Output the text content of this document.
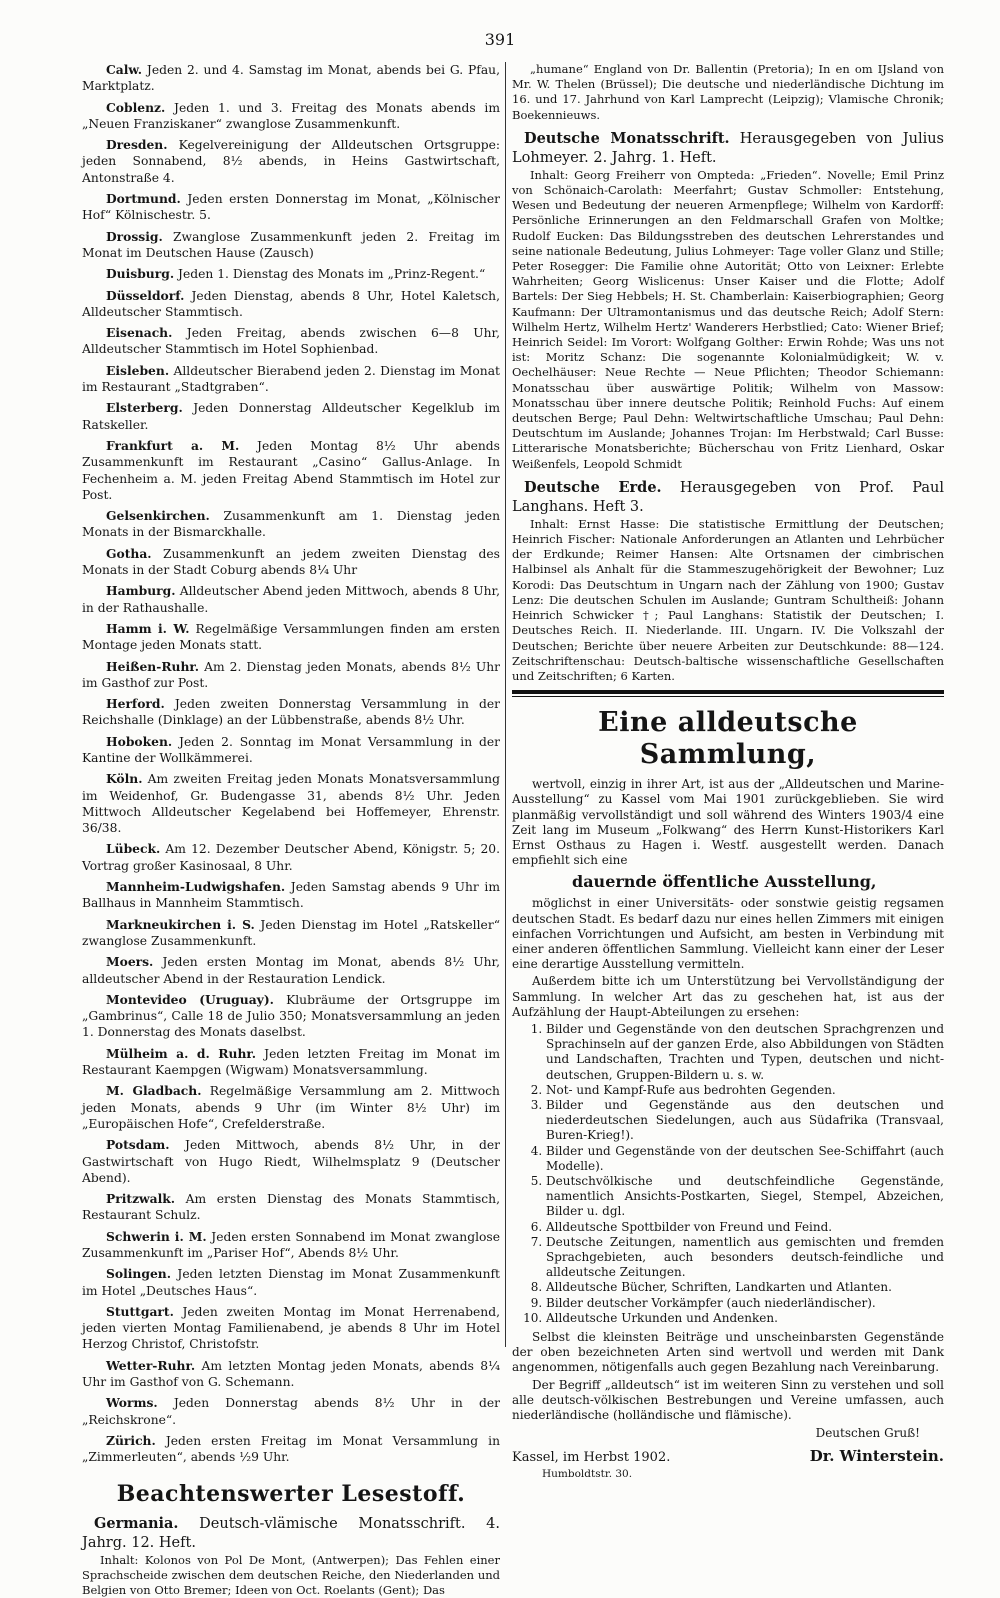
391

Calw. Jeden 2. und 4. Samstag im Monat, abends bei G. Pfau, Marktplatz.

Coblenz. Jeden 1. und 3. Freitag des Monats abends im „Neuen Franziskaner“ zwanglose Zusammenkunft.

Dresden. Kegelvereinigung der Alldeutschen Ortsgruppe: jeden Sonnabend, 8½ abends, in Heins Gastwirtschaft, Antonstraße 4.

Dortmund. Jeden ersten Donnerstag im Monat, „Kölnischer Hof“ Kölnischestr. 5.

Drossig. Zwanglose Zusammenkunft jeden 2. Freitag im Monat im Deutschen Hause (Zausch)

Duisburg. Jeden 1. Dienstag des Monats im „Prinz-Regent.“

Düsseldorf. Jeden Dienstag, abends 8 Uhr, Hotel Kaletsch, Alldeutscher Stammtisch.

Eisenach. Jeden Freitag, abends zwischen 6—8 Uhr, Alldeutscher Stammtisch im Hotel Sophienbad.

Eisleben. Alldeutscher Bierabend jeden 2. Dienstag im Monat im Restaurant „Stadtgraben“.

Elsterberg. Jeden Donnerstag Alldeutscher Kegelklub im Ratskeller.

Frankfurt a. M. Jeden Montag 8½ Uhr abends Zusammenkunft im Restaurant „Casino“ Gallus-Anlage. In Fechenheim a. M. jeden Freitag Abend Stammtisch im Hotel zur Post.

Gelsenkirchen. Zusammenkunft am 1. Dienstag jeden Monats in der Bismarckhalle.

Gotha. Zusammenkunft an jedem zweiten Dienstag des Monats in der Stadt Coburg abends 8¼ Uhr

Hamburg. Alldeutscher Abend jeden Mittwoch, abends 8 Uhr, in der Rathaushalle.

Hamm i. W. Regelmäßige Versammlungen finden am ersten Montage jeden Monats statt.

Heißen-Ruhr. Am 2. Dienstag jeden Monats, abends 8½ Uhr im Gasthof zur Post.

Herford. Jeden zweiten Donnerstag Versammlung in der Reichshalle (Dinklage) an der Lübbenstraße, abends 8½ Uhr.

Hoboken. Jeden 2. Sonntag im Monat Versammlung in der Kantine der Wollkämmerei.

Köln. Am zweiten Freitag jeden Monats Monatsversammlung im Weidenhof, Gr. Budengasse 31, abends 8½ Uhr. Jeden Mittwoch Alldeutscher Kegelabend bei Hoffemeyer, Ehrenstr. 36/38.

Lübeck. Am 12. Dezember Deutscher Abend, Königstr. 5; 20. Vortrag großer Kasinosaal, 8 Uhr.

Mannheim-Ludwigshafen. Jeden Samstag abends 9 Uhr im Ballhaus in Mannheim Stammtisch.

Markneukirchen i. S. Jeden Dienstag im Hotel „Ratskeller“ zwanglose Zusammenkunft.

Moers. Jeden ersten Montag im Monat, abends 8½ Uhr, alldeutscher Abend in der Restauration Lendick.

Montevideo (Uruguay). Klubräume der Ortsgruppe im „Gambrinus“, Calle 18 de Julio 350; Monatsversammlung an jeden 1. Donnerstag des Monats daselbst.

Mülheim a. d. Ruhr. Jeden letzten Freitag im Monat im Restaurant Kaempgen (Wigwam) Monatsversammlung.

M. Gladbach. Regelmäßige Versammlung am 2. Mittwoch jeden Monats, abends 9 Uhr (im Winter 8½ Uhr) im „Europäischen Hofe“, Crefelderstraße.

Potsdam. Jeden Mittwoch, abends 8½ Uhr, in der Gastwirtschaft von Hugo Riedt, Wilhelmsplatz 9 (Deutscher Abend).

Pritzwalk. Am ersten Dienstag des Monats Stammtisch, Restaurant Schulz.

Schwerin i. M. Jeden ersten Sonnabend im Monat zwanglose Zusammenkunft im „Pariser Hof“, Abends 8½ Uhr.

Solingen. Jeden letzten Dienstag im Monat Zusammenkunft im Hotel „Deutsches Haus“.

Stuttgart. Jeden zweiten Montag im Monat Herrenabend, jeden vierten Montag Familienabend, je abends 8 Uhr im Hotel Herzog Christof, Christofstr.

Wetter-Ruhr. Am letzten Montag jeden Monats, abends 8¼ Uhr im Gasthof von G. Schemann.

Worms. Jeden Donnerstag abends 8½ Uhr in der „Reichskrone“.

Zürich. Jeden ersten Freitag im Monat Versammlung in „Zimmerleuten“, abends ½9 Uhr.

Beachtenswerter Lesestoff.

Germania. Deutsch-vlämische Monatsschrift. 4. Jahrg. 12. Heft.

Inhalt: Kolonos von Pol De Mont, (Antwerpen); Das Fehlen einer Sprachscheide zwischen dem deutschen Reiche, den Niederlanden und Belgien von Otto Bremer; Ideen von Oct. Roelants (Gent); Das

„humane“ England von Dr. Ballentin (Pretoria); In en om IJsland von Mr. W. Thelen (Brüssel); Die deutsche und niederländische Dichtung im 16. und 17. Jahrhund von Karl Lamprecht (Leipzig); Vlamische Chronik; Boekennieuws.

Deutsche Monatsschrift. Herausgegeben von Julius Lohmeyer. 2. Jahrg. 1. Heft.

Inhalt: Georg Freiherr von Ompteda: „Frieden“. Novelle; Emil Prinz von Schönaich-Carolath: Meerfahrt; Gustav Schmoller: Entstehung, Wesen und Bedeutung der neueren Armenpflege; Wilhelm von Kardorff: Persönliche Erinnerungen an den Feldmarschall Grafen von Moltke; Rudolf Eucken: Das Bildungsstreben des deutschen Lehrerstandes und seine nationale Bedeutung, Julius Lohmeyer: Tage voller Glanz und Stille; Peter Rosegger: Die Familie ohne Autorität; Otto von Leixner: Erlebte Wahrheiten; Georg Wislicenus: Unser Kaiser und die Flotte; Adolf Bartels: Der Sieg Hebbels; H. St. Chamberlain: Kaiserbiographien; Georg Kaufmann: Der Ultramontanismus und das deutsche Reich; Adolf Stern: Wilhelm Hertz, Wilhelm Hertz' Wanderers Herbstlied; Cato: Wiener Brief; Heinrich Seidel: Im Vorort: Wolfgang Golther: Erwin Rohde; Was uns not ist: Moritz Schanz: Die sogenannte Kolonialmüdigkeit; W. v. Oechelhäuser: Neue Rechte — Neue Pflichten; Theodor Schiemann: Monatsschau über auswärtige Politik; Wilhelm von Massow: Monatsschau über innere deutsche Politik; Reinhold Fuchs: Auf einem deutschen Berge; Paul Dehn: Weltwirtschaftliche Umschau; Paul Dehn: Deutschtum im Auslande; Johannes Trojan: Im Herbstwald; Carl Busse: Litterarische Monatsberichte; Bücherschau von Fritz Lienhard, Oskar Weißenfels, Leopold Schmidt

Deutsche Erde. Herausgegeben von Prof. Paul Langhans. Heft 3.

Inhalt: Ernst Hasse: Die statistische Ermittlung der Deutschen; Heinrich Fischer: Nationale Anforderungen an Atlanten und Lehrbücher der Erdkunde; Reimer Hansen: Alte Ortsnamen der cimbrischen Halbinsel als Anhalt für die Stammeszugehörigkeit der Bewohner; Luz Korodi: Das Deutschtum in Ungarn nach der Zählung von 1900; Gustav Lenz: Die deutschen Schulen im Auslande; Guntram Schultheiß: Johann Heinrich Schwicker †; Paul Langhans: Statistik der Deutschen; I. Deutsches Reich. II. Niederlande. III. Ungarn. IV. Die Volkszahl der Deutschen; Berichte über neuere Arbeiten zur Deutschkunde: 88—124. Zeitschriftenschau: Deutsch-baltische wissenschaftliche Gesellschaften und Zeitschriften; 6 Karten.

Eine alldeutsche Sammlung,

wertvoll, einzig in ihrer Art, ist aus der „Alldeutschen und Marine-Ausstellung“ zu Kassel vom Mai 1901 zurückgeblieben. Sie wird planmäßig vervollständigt und soll während des Winters 1903/4 eine Zeit lang im Museum „Folkwang“ des Herrn Kunst-Historikers Karl Ernst Osthaus zu Hagen i. Westf. ausgestellt werden. Danach empfiehlt sich eine

dauernde öffentliche Ausstellung,

möglichst in einer Universitäts- oder sonstwie geistig regsamen deutschen Stadt. Es bedarf dazu nur eines hellen Zimmers mit einigen einfachen Vorrichtungen und Aufsicht, am besten in Verbindung mit einer anderen öffentlichen Sammlung. Vielleicht kann einer der Leser eine derartige Ausstellung vermitteln.

Außerdem bitte ich um Unterstützung bei Vervollständigung der Sammlung. In welcher Art das zu geschehen hat, ist aus der Aufzählung der Haupt-Abteilungen zu ersehen:

1. Bilder und Gegenstände von den deutschen Sprachgrenzen und Sprachinseln auf der ganzen Erde, also Abbildungen von Städten und Landschaften, Trachten und Typen, deutschen und nicht-deutschen, Gruppen-Bildern u. s. w.
2. Not- und Kampf-Rufe aus bedrohten Gegenden.
3. Bilder und Gegenstände aus den deutschen und niederdeutschen Siedelungen, auch aus Südafrika (Transvaal, Buren-Krieg!).
4. Bilder und Gegenstände von der deutschen See-Schiffahrt (auch Modelle).
5. Deutschvölkische und deutschfeindliche Gegenstände, namentlich Ansichts-Postkarten, Siegel, Stempel, Abzeichen, Bilder u. dgl.
6. Alldeutsche Spottbilder von Freund und Feind.
7. Deutsche Zeitungen, namentlich aus gemischten und fremden Sprachgebieten, auch besonders deutsch-feindliche und alldeutsche Zeitungen.
8. Alldeutsche Bücher, Schriften, Landkarten und Atlanten.
9. Bilder deutscher Vorkämpfer (auch niederländischer).
10. Alldeutsche Urkunden und Andenken.

Selbst die kleinsten Beiträge und unscheinbarsten Gegenstände der oben bezeichneten Arten sind wertvoll und werden mit Dank angenommen, nötigenfalls auch gegen Bezahlung nach Vereinbarung.

Der Begriff „alldeutsch“ ist im weiteren Sinn zu verstehen und soll alle deutsch-völkischen Bestrebungen und Vereine umfassen, auch niederländische (holländische und flämische).

Deutschen Gruß!
Kassel, im Herbst 1902.	Dr. Winterstein.
Humboldtstr. 30.
